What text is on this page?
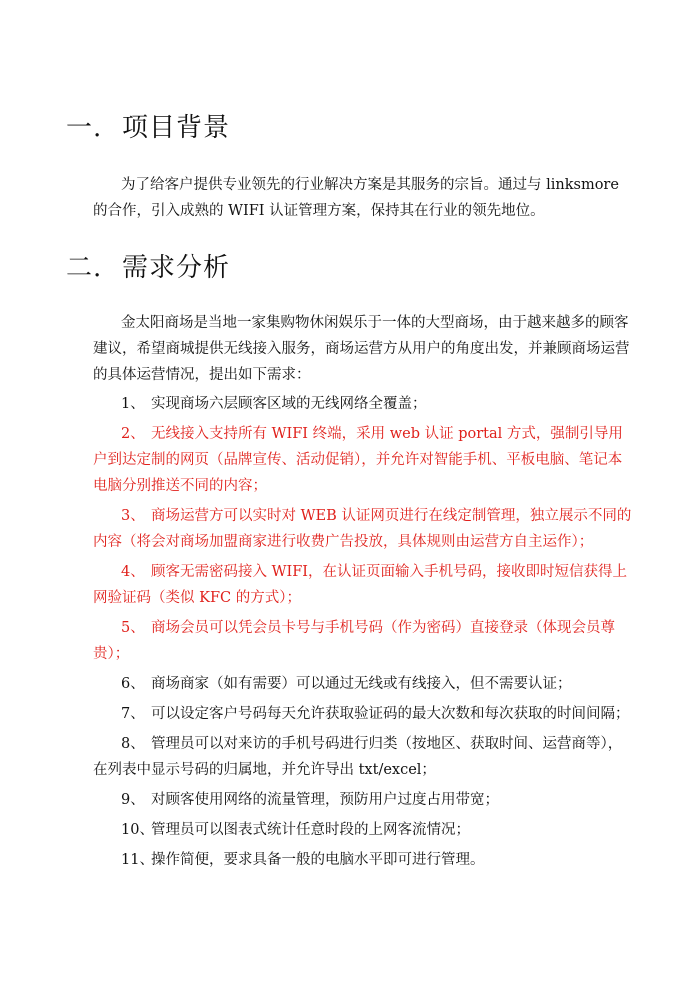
一. 项目背景

为了给客户提供专业领先的行业解决方案是其服务的宗旨。通过与 linksmore 的合作，引入成熟的 WIFI 认证管理方案，保持其在行业的领先地位。

二. 需求分析

金太阳商场是当地一家集购物休闲娱乐于一体的大型商场，由于越来越多的顾客建议，希望商城提供无线接入服务，商场运营方从用户的角度出发，并兼顾商场运营的具体运营情况，提出如下需求：

1、 实现商场六层顾客区域的无线网络全覆盖；
2、 无线接入支持所有 WIFI 终端，采用 web 认证 portal 方式，强制引导用户到达定制的网页（品牌宣传、活动促销），并允许对智能手机、平板电脑、笔记本电脑分别推送不同的内容；
3、 商场运营方可以实时对 WEB 认证网页进行在线定制管理，独立展示不同的内容（将会对商场加盟商家进行收费广告投放，具体规则由运营方自主运作）；
4、 顾客无需密码接入 WIFI，在认证页面输入手机号码，接收即时短信获得上网验证码（类似 KFC 的方式）；
5、 商场会员可以凭会员卡号与手机号码（作为密码）直接登录（体现会员尊贵）；
6、 商场商家（如有需要）可以通过无线或有线接入，但不需要认证；
7、 可以设定客户号码每天允许获取验证码的最大次数和每次获取的时间间隔；
8、 管理员可以对来访的手机号码进行归类（按地区、获取时间、运营商等），在列表中显示号码的归属地，并允许导出 txt/excel；
9、 对顾客使用网络的流量管理，预防用户过度占用带宽；
10、管理员可以图表式统计任意时段的上网客流情况；
11、操作简便，要求具备一般的电脑水平即可进行管理。
